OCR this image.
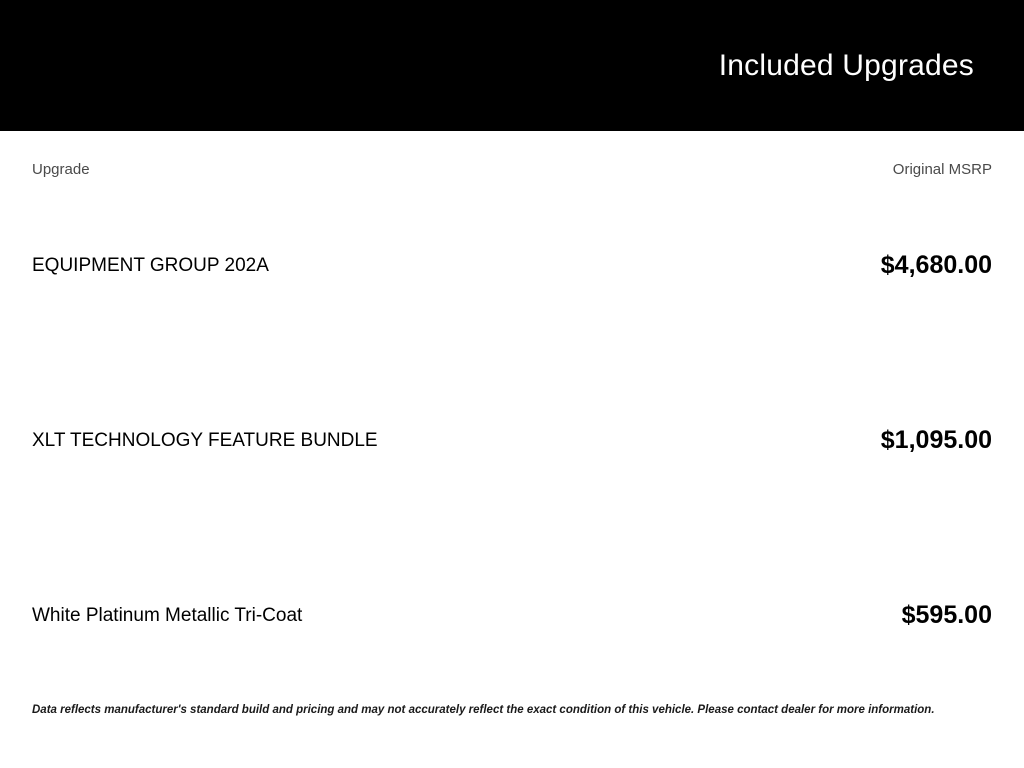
Included Upgrades
Upgrade	Original MSRP
EQUIPMENT GROUP 202A	$4,680.00
XLT TECHNOLOGY FEATURE BUNDLE	$1,095.00
White Platinum Metallic Tri-Coat	$595.00
Data reflects manufacturer's standard build and pricing and may not accurately reflect the exact condition of this vehicle. Please contact dealer for more information.
